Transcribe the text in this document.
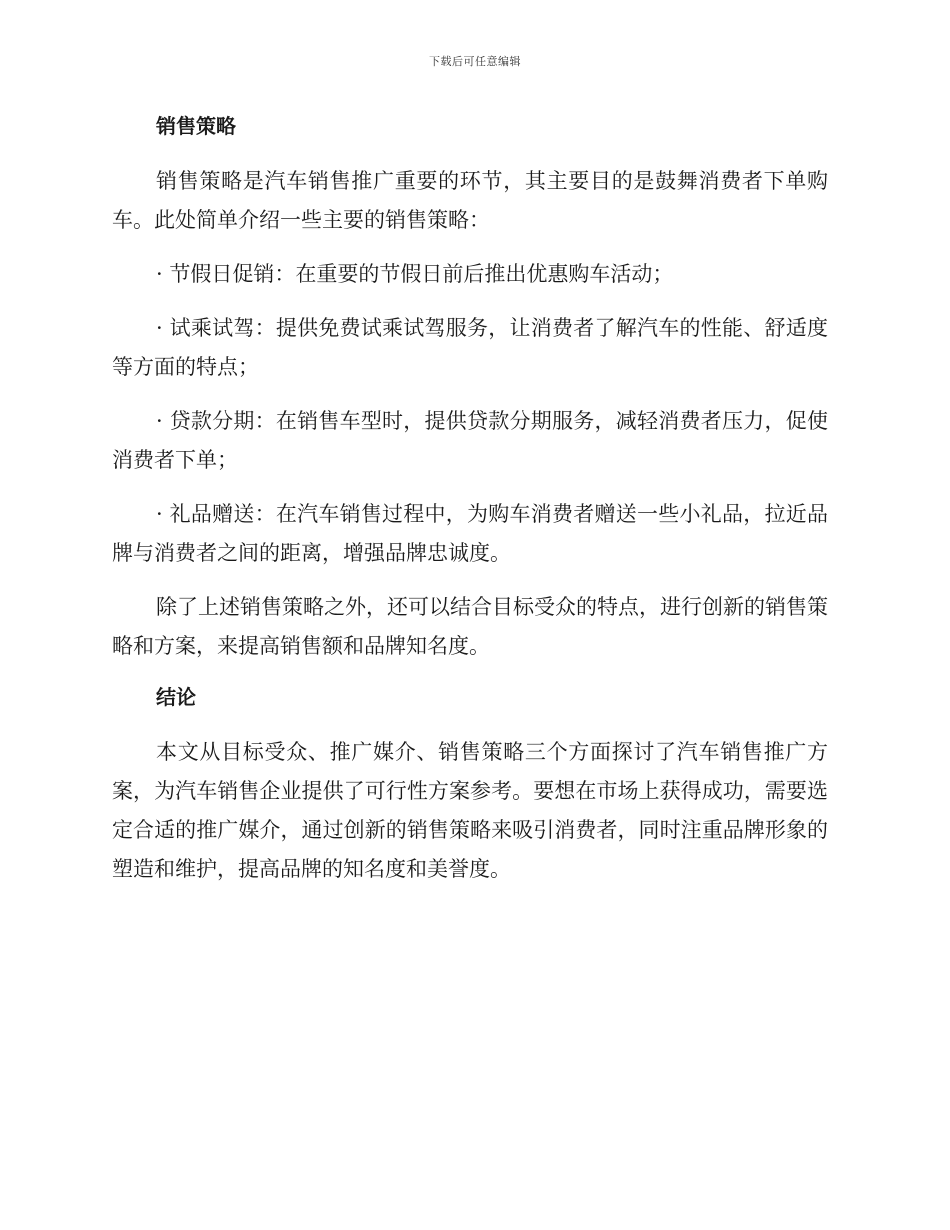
下载后可任意编辑
销售策略

销售策略是汽车销售推广重要的环节，其主要目的是鼓舞消费者下单购车。此处简单介绍一些主要的销售策略：

· 节假日促销：在重要的节假日前后推出优惠购车活动；

· 试乘试驾：提供免费试乘试驾服务，让消费者了解汽车的性能、舒适度等方面的特点；

· 贷款分期：在销售车型时，提供贷款分期服务，减轻消费者压力，促使消费者下单；

· 礼品赠送：在汽车销售过程中，为购车消费者赠送一些小礼品，拉近品牌与消费者之间的距离，增强品牌忠诚度。

除了上述销售策略之外，还可以结合目标受众的特点，进行创新的销售策略和方案，来提高销售额和品牌知名度。

结论

本文从目标受众、推广媒介、销售策略三个方面探讨了汽车销售推广方案，为汽车销售企业提供了可行性方案参考。要想在市场上获得成功，需要选定合适的推广媒介，通过创新的销售策略来吸引消费者，同时注重品牌形象的塑造和维护，提高品牌的知名度和美誉度。
